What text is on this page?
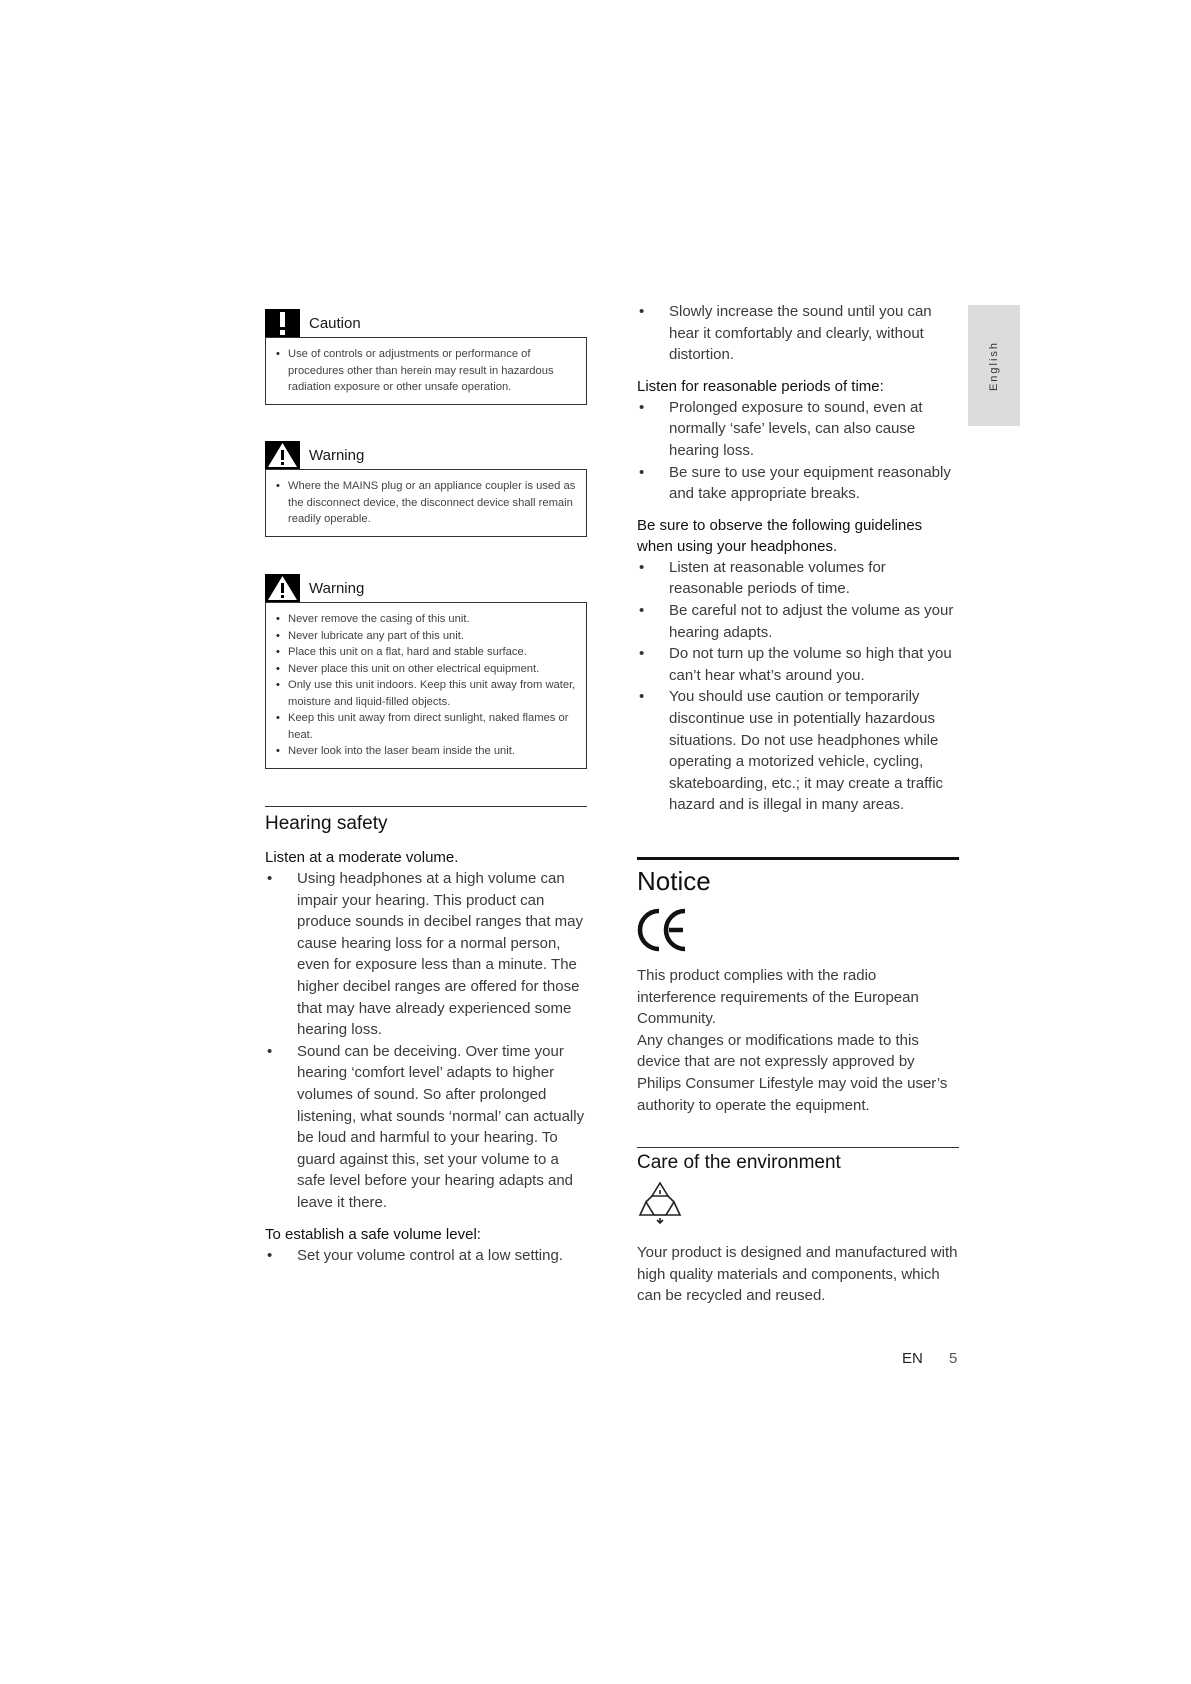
English
Caution
• Use of controls or adjustments or performance of procedures other than herein may result in hazardous radiation exposure or other unsafe operation.
Warning
• Where the MAINS plug or an appliance coupler is used as the disconnect device, the disconnect device shall remain readily operable.
Warning
• Never remove the casing of this unit.
• Never lubricate any part of this unit.
• Place this unit on a flat, hard and stable surface.
• Never place this unit on other electrical equipment.
• Only use this unit indoors. Keep this unit away from water, moisture and liquid-filled objects.
• Keep this unit away from direct sunlight, naked flames or heat.
• Never look into the laser beam inside the unit.
Hearing safety
Listen at a moderate volume.
• Using headphones at a high volume can impair your hearing. This product can produce sounds in decibel ranges that may cause hearing loss for a normal person, even for exposure less than a minute. The higher decibel ranges are offered for those that may have already experienced some hearing loss.
• Sound can be deceiving. Over time your hearing ‘comfort level’ adapts to higher volumes of sound. So after prolonged listening, what sounds ‘normal’ can actually be loud and harmful to your hearing. To guard against this, set your volume to a safe level before your hearing adapts and leave it there.
To establish a safe volume level:
• Set your volume control at a low setting.
• Slowly increase the sound until you can hear it comfortably and clearly, without distortion.
Listen for reasonable periods of time:
• Prolonged exposure to sound, even at normally ‘safe’ levels, can also cause hearing loss.
• Be sure to use your equipment reasonably and take appropriate breaks.
Be sure to observe the following guidelines when using your headphones.
• Listen at reasonable volumes for reasonable periods of time.
• Be careful not to adjust the volume as your hearing adapts.
• Do not turn up the volume so high that you can’t hear what’s around you.
• You should use caution or temporarily discontinue use in potentially hazardous situations. Do not use headphones while operating a motorized vehicle, cycling, skateboarding, etc.; it may create a traffic hazard and is illegal in many areas.
Notice

This product complies with the radio interference requirements of the European Community.

Any changes or modifications made to this device that are not expressly approved by Philips Consumer Lifestyle may void the user’s authority to operate the equipment.

Care of the environment

Your product is designed and manufactured with high quality materials and components, which can be recycled and reused.

EN 5
